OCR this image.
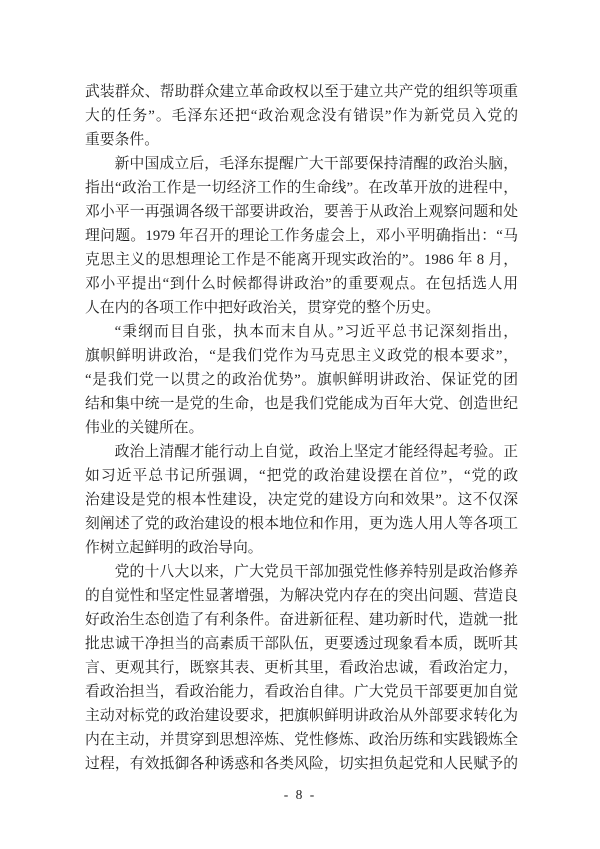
武装群众、帮助群众建立革命政权以至于建立共产党的组织等项重
大的任务”。毛泽东还把“政治观念没有错误”作为新党员入党的
重要条件。
新中国成立后，毛泽东提醒广大干部要保持清醒的政治头脑，
指出“政治工作是一切经济工作的生命线”。在改革开放的进程中，
邓小平一再强调各级干部要讲政治，要善于从政治上观察问题和处
理问题。1979 年召开的理论工作务虚会上，邓小平明确指出：“马
克思主义的思想理论工作是不能离开现实政治的”。1986 年 8 月，
邓小平提出“到什么时候都得讲政治”的重要观点。在包括选人用
人在内的各项工作中把好政治关，贯穿党的整个历史。
“秉纲而目自张，执本而末自从。”习近平总书记深刻指出，
旗帜鲜明讲政治，“是我们党作为马克思主义政党的根本要求”，
“是我们党一以贯之的政治优势”。旗帜鲜明讲政治、保证党的团
结和集中统一是党的生命，也是我们党能成为百年大党、创造世纪
伟业的关键所在。
政治上清醒才能行动上自觉，政治上坚定才能经得起考验。正
如习近平总书记所强调，“把党的政治建设摆在首位”，“党的政
治建设是党的根本性建设，决定党的建设方向和效果”。这不仅深
刻阐述了党的政治建设的根本地位和作用，更为选人用人等各项工
作树立起鲜明的政治导向。
党的十八大以来，广大党员干部加强党性修养特别是政治修养
的自觉性和坚定性显著增强，为解决党内存在的突出问题、营造良
好政治生态创造了有利条件。奋进新征程、建功新时代，造就一批
批忠诚干净担当的高素质干部队伍，更要透过现象看本质，既听其
言、更观其行，既察其表、更析其里，看政治忠诚，看政治定力，
看政治担当，看政治能力，看政治自律。广大党员干部要更加自觉
主动对标党的政治建设要求，把旗帜鲜明讲政治从外部要求转化为
内在主动，并贯穿到思想淬炼、党性修炼、政治历练和实践锻炼全
过程，有效抵御各种诱惑和各类风险，切实担负起党和人民赋予的
- 8 -
